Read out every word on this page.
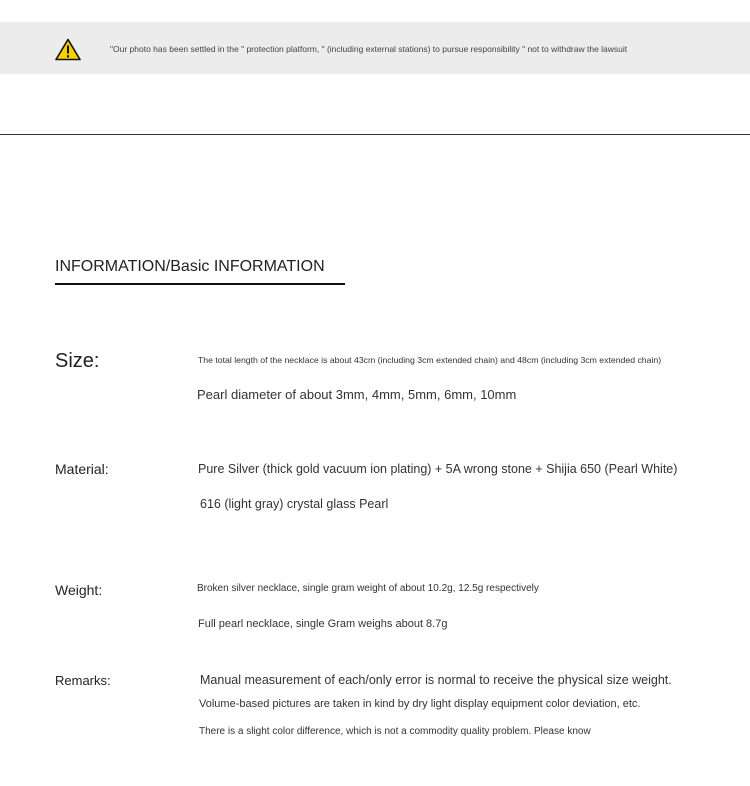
"Our photo has been settled in the " protection platform, " (including external stations) to pursue responsibility " not to withdraw the lawsuit
INFORMATION/Basic INFORMATION
Size:	The total length of the necklace is about 43cm (including 3cm extended chain) and 48cm (including 3cm extended chain)
Pearl diameter of about 3mm, 4mm, 5mm, 6mm, 10mm
Material:	Pure Silver (thick gold vacuum ion plating) + 5A wrong stone + Shijia 650 (Pearl White)
616 (light gray) crystal glass Pearl
Weight:	Broken silver necklace, single gram weight of about 10.2g, 12.5g respectively
Full pearl necklace, single Gram weighs about 8.7g
Remarks:	Manual measurement of each/only error is normal to receive the physical size weight.
Volume-based pictures are taken in kind by dry light display equipment color deviation, etc.
There is a slight color difference, which is not a commodity quality problem. Please know
